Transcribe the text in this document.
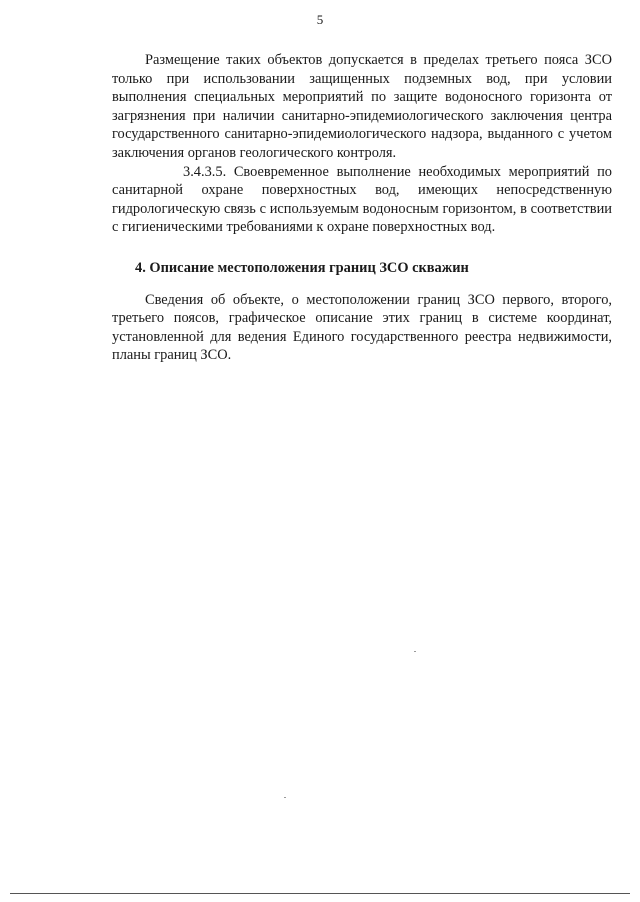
5

Размещение таких объектов допускается в пределах третьего пояса ЗСО только при использовании защищенных подземных вод, при условии выполнения специальных мероприятий по защите водоносного горизонта от загрязнения при наличии санитарно-эпидемиологического заключения центра государственного санитарно-эпидемиологического надзора, выданного с учетом заключения органов геологического контроля.

3.4.3.5. Своевременное выполнение необходимых мероприятий по санитарной охране поверхностных вод, имеющих непосредственную гидрологическую связь с используемым водоносным горизонтом, в соответствии с гигиеническими требованиями к охране поверхностных вод.

4. Описание местоположения границ ЗСО скважин

Сведения об объекте, о местоположении границ ЗСО первого, второго, третьего поясов, графическое описание этих границ в системе координат, установленной для ведения Единого государственного реестра недвижимости, планы границ ЗСО.
